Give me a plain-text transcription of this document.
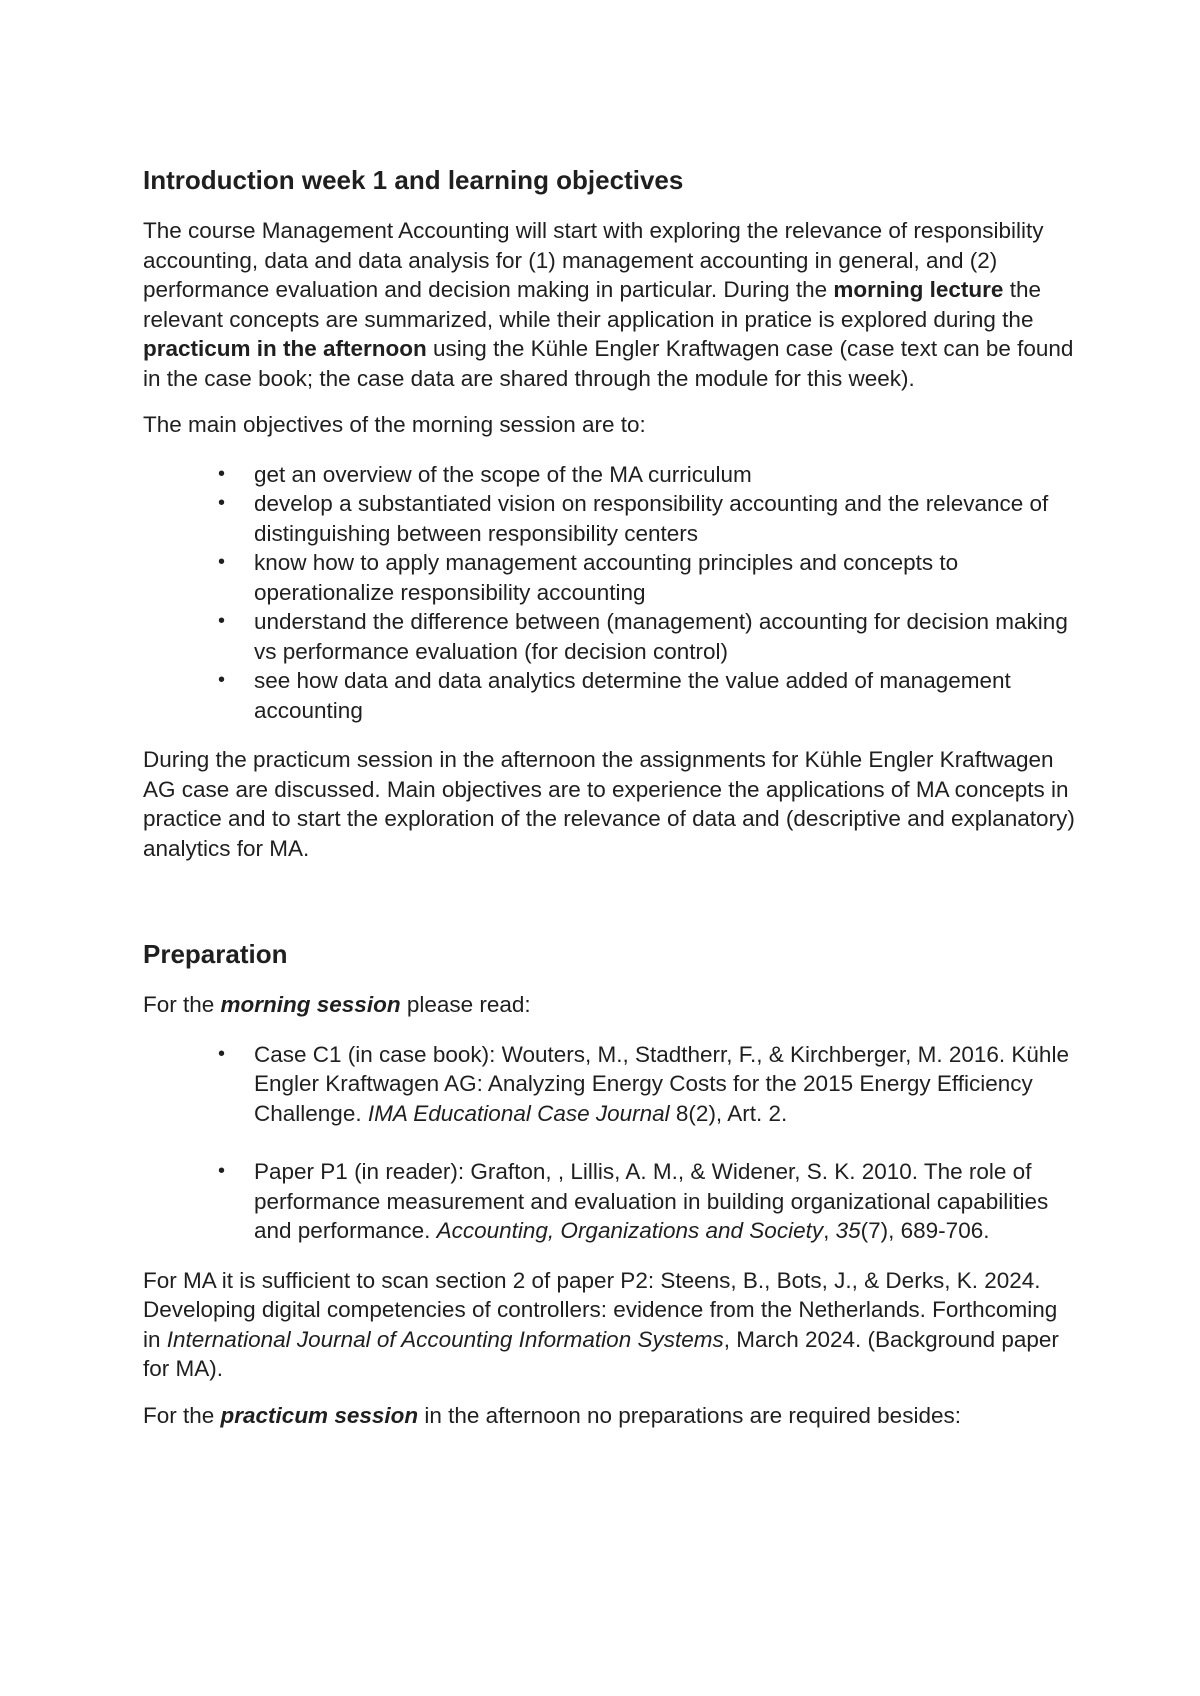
Introduction week 1 and learning objectives

The course Management Accounting will start with exploring the relevance of responsibility accounting, data and data analysis for (1) management accounting in general, and (2) performance evaluation and decision making in particular. During the morning lecture the relevant concepts are summarized, while their application in pratice is explored during the practicum in the afternoon using the Kühle Engler Kraftwagen case (case text can be found in the case book; the case data are shared through the module for this week).

The main objectives of the morning session are to:

• get an overview of the scope of the MA curriculum
• develop a substantiated vision on responsibility accounting and the relevance of distinguishing between responsibility centers
• know how to apply management accounting principles and concepts to operationalize responsibility accounting
• understand the difference between (management) accounting for decision making vs performance evaluation (for decision control)
• see how data and data analytics determine the value added of management accounting

During the practicum session in the afternoon the assignments for Kühle Engler Kraftwagen AG case are discussed. Main objectives are to experience the applications of MA concepts in practice and to start the exploration of the relevance of data and (descriptive and explanatory) analytics for MA.

Preparation

For the morning session please read:

• Case C1 (in case book): Wouters, M., Stadtherr, F., & Kirchberger, M. 2016. Kühle Engler Kraftwagen AG: Analyzing Energy Costs for the 2015 Energy Efficiency Challenge. IMA Educational Case Journal 8(2), Art. 2.
• Paper P1 (in reader): Grafton, , Lillis, A. M., & Widener, S. K. 2010. The role of performance measurement and evaluation in building organizational capabilities and performance. Accounting, Organizations and Society, 35(7), 689-706.

For MA it is sufficient to scan section 2 of paper P2: Steens, B., Bots, J., & Derks, K. 2024. Developing digital competencies of controllers: evidence from the Netherlands. Forthcoming in International Journal of Accounting Information Systems, March 2024. (Background paper for MA).

For the practicum session in the afternoon no preparations are required besides:
